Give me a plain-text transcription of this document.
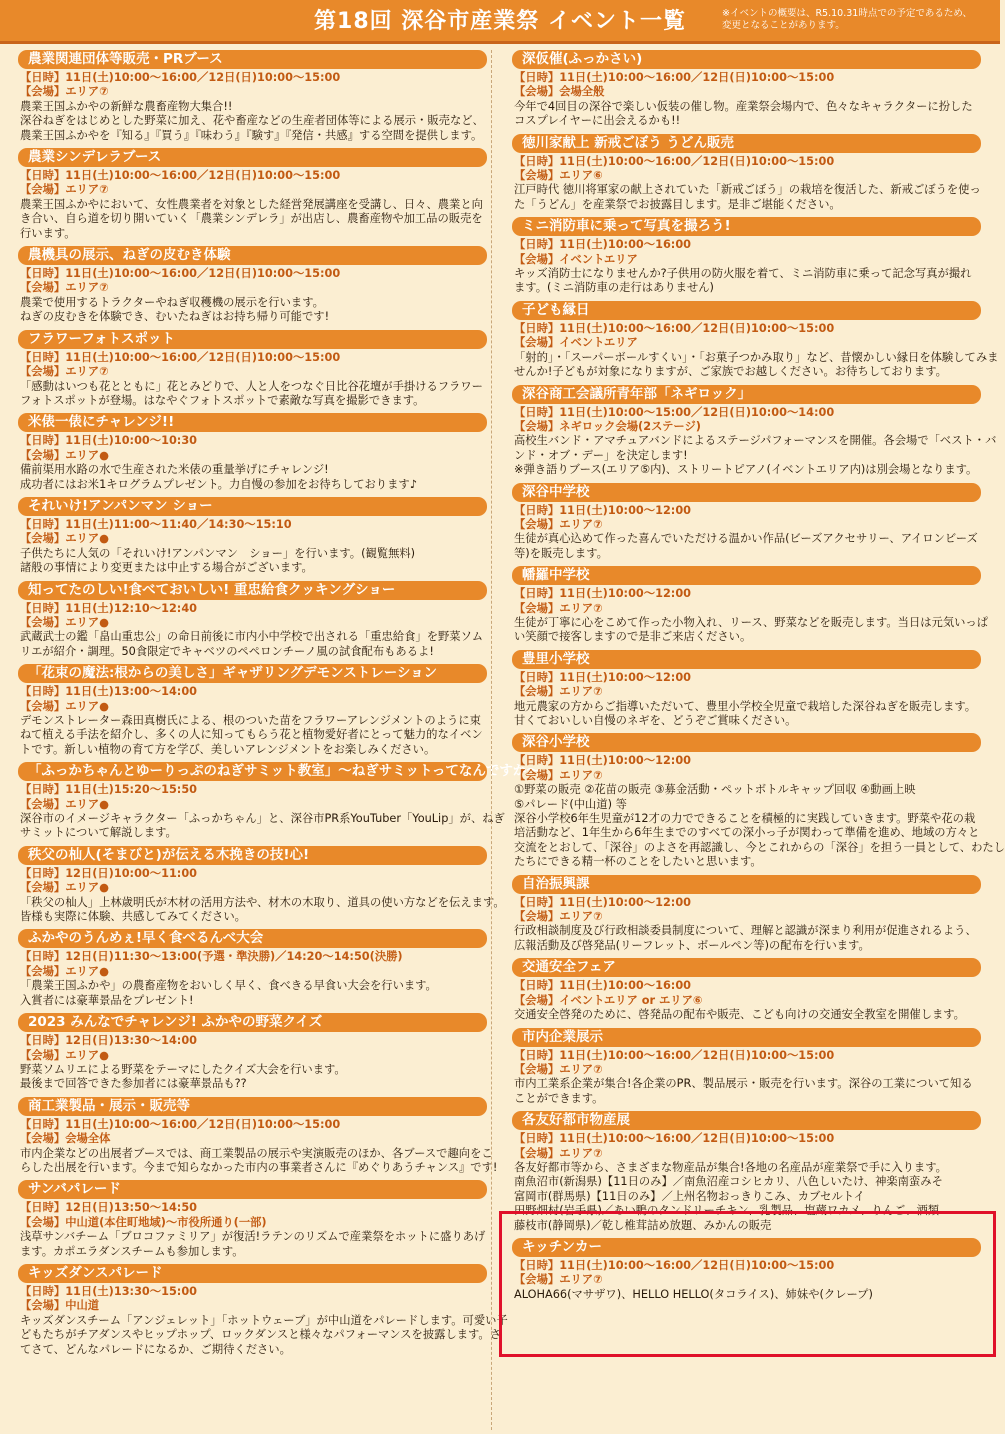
第18回 深谷市産業祭 イベント一覧	※イベントの概要は、R5.10.31時点での予定であるため、
変更となることがあります。
農業関連団体等販売・PRブース
【日時】11日(土)10:00〜16:00／12日(日)10:00〜15:00
【会場】エリア⑦
農業王国ふかやの新鮮な農畜産物大集合!!
深谷ねぎをはじめとした野菜に加え、花や畜産などの生産者団体等による展示・販売など、
農業王国ふかやを『知る』『買う』『味わう』『験す』『発信・共感』する空間を提供します。
農業シンデレラブース
【日時】11日(土)10:00〜16:00／12日(日)10:00〜15:00
【会場】エリア⑦
農業王国ふかやにおいて、女性農業者を対象とした経営発展講座を受講し、日々、農業と向
き合い、自ら道を切り開いていく「農業シンデレラ」が出店し、農畜産物や加工品の販売を
行います。
農機具の展示、ねぎの皮むき体験
【日時】11日(土)10:00〜16:00／12日(日)10:00〜15:00
【会場】エリア⑦
農業で使用するトラクターやねぎ収穫機の展示を行います。
ねぎの皮むきを体験でき、むいたねぎはお持ち帰り可能です!
フラワーフォトスポット
【日時】11日(土)10:00〜16:00／12日(日)10:00〜15:00
【会場】エリア⑦
「感動はいつも花とともに」花とみどりで、人と人をつなぐ日比谷花壇が手掛けるフラワー
フォトスポットが登場。はなやぐフォトスポットで素敵な写真を撮影できます。
米俵一俵にチャレンジ!!
【日時】11日(土)10:00〜10:30
【会場】エリア●
備前渠用水路の水で生産された米俵の重量挙げにチャレンジ!
成功者にはお米1キログラムプレゼント。力自慢の参加をお待ちしております♪
それいけ!アンパンマン ショー
【日時】11日(土)11:00〜11:40／14:30〜15:10
【会場】エリア●
子供たちに人気の「それいけ!アンパンマン　ショー」を行います。(観覧無料)
諸般の事情により変更または中止する場合がございます。
知ってたのしい!食べておいしい! 重忠給食クッキングショー
【日時】11日(土)12:10〜12:40
【会場】エリア●
武蔵武士の鑑「畠山重忠公」の命日前後に市内小中学校で出される「重忠給食」を野菜ソム
リエが紹介・調理。50食限定でキャベツのペペロンチーノ風の試食配布もあるよ!
「花束の魔法:根からの美しさ」ギャザリングデモンストレーション
【日時】11日(土)13:00〜14:00
【会場】エリア●
デモンストレーター森田真樹氏による、根のついた苗をフラワーアレンジメントのように束
ねて植える手法を紹介し、多くの人に知ってもらう花と植物愛好者にとって魅力的なイベン
トです。新しい植物の育て方を学び、美しいアレンジメントをお楽しみください。
「ふっかちゃんとゆーりっぷのねぎサミット教室」〜ねぎサミットってなんですか〜
【日時】11日(土)15:20〜15:50
【会場】エリア●
深谷市のイメージキャラクター「ふっかちゃん」と、深谷市PR系YouTuber「YouLip」が、ねぎ
サミットについて解説します。
秩父の杣人(そまびと)が伝える木挽きの技!心!
【日時】12日(日)10:00〜11:00
【会場】エリア●
「秩父の杣人」上林歳明氏が木材の活用方法や、材木の木取り、道具の使い方などを伝えます。
皆様も実際に体験、共感してみてください。
ふかやのうんめぇ!早く食べるんべ大会
【日時】12日(日)11:30〜13:00(予選・準決勝)／14:20〜14:50(決勝)
【会場】エリア●
「農業王国ふかや」の農畜産物をおいしく早く、食べきる早食い大会を行います。
入賞者には豪華景品をプレゼント!
2023 みんなでチャレンジ! ふかやの野菜クイズ
【日時】12日(日)13:30〜14:00
【会場】エリア●
野菜ソムリエによる野菜をテーマにしたクイズ大会を行います。
最後まで回答できた参加者には豪華景品も??
商工業製品・展示・販売等
【日時】11日(土)10:00〜16:00／12日(日)10:00〜15:00
【会場】会場全体
市内企業などの出展者ブースでは、商工業製品の展示や実演販売のほか、各ブースで趣向をこ
らした出展を行います。今まで知らなかった市内の事業者さんに『めぐりあうチャンス』です!
サンバパレード
【日時】12日(日)13:50〜14:50
【会場】中山道(本住町地域)〜市役所通り(一部)
浅草サンバチーム「ブロコファミリア」が復活!ラテンのリズムで産業祭をホットに盛りあげ
ます。カポエラダンスチームも参加します。
キッズダンスパレード
【日時】11日(土)13:30〜15:00
【会場】中山道
キッズダンスチーム「アンジェレット」「ホットウェーブ」が中山道をパレードします。可愛い子
どもたちがチアダンスやヒップホップ、ロックダンスと様々なパフォーマンスを披露します。さ
てさて、どんなパレードになるか、ご期待ください。
深仮催(ふっかさい)
【日時】11日(土)10:00〜16:00／12日(日)10:00〜15:00
【会場】会場全般
今年で4回目の深谷で楽しい仮装の催し物。産業祭会場内で、色々なキャラクターに扮した
コスプレイヤーに出会えるかも!!
徳川家献上 新戒ごぼう うどん販売
【日時】11日(土)10:00〜16:00／12日(日)10:00〜15:00
【会場】エリア⑥
江戸時代 徳川将軍家の献上されていた「新戒ごぼう」の栽培を復活した、新戒ごぼうを使っ
た「うどん」を産業祭でお披露目します。是非ご堪能ください。
ミニ消防車に乗って写真を撮ろう!
【日時】11日(土)10:00〜16:00
【会場】イベントエリア
キッズ消防士になりませんか?子供用の防火服を着て、ミニ消防車に乗って記念写真が撮れ
ます。(ミニ消防車の走行はありません)
子ども縁日
【日時】11日(土)10:00〜16:00／12日(日)10:00〜15:00
【会場】イベントエリア
「射的」・「スーパーボールすくい」・「お菓子つかみ取り」など、昔懐かしい縁日を体験してみま
せんか!子どもが対象になりますが、ご家族でお越しください。お待ちしております。
深谷商工会議所青年部「ネギロック」
【日時】11日(土)10:00〜15:00／12日(日)10:00〜14:00
【会場】ネギロック会場(2ステージ)
高校生バンド・アマチュアバンドによるステージパフォーマンスを開催。各会場で「ベスト・バ
ンド・オブ・デー」を決定します!
※弾き語りブース(エリア⑤内)、ストリートピアノ(イベントエリア内)は別会場となります。
深谷中学校
【日時】11日(土)10:00〜12:00
【会場】エリア⑦
生徒が真心込めて作った喜んでいただける温かい作品(ビーズアクセサリー、アイロンビーズ
等)を販売します。
幡羅中学校
【日時】11日(土)10:00〜12:00
【会場】エリア⑦
生徒が丁寧に心をこめて作った小物入れ、リース、野菜などを販売します。当日は元気いっぱ
い笑顔で接客しますので是非ご来店ください。
豊里小学校
【日時】11日(土)10:00〜12:00
【会場】エリア⑦
地元農家の方からご指導いただいて、豊里小学校全児童で栽培した深谷ねぎを販売します。
甘くておいしい自慢のネギを、どうぞご賞味ください。
深谷小学校
【日時】11日(土)10:00〜12:00
【会場】エリア⑦
①野菜の販売 ②花苗の販売 ③募金活動・ペットボトルキャップ回収 ④動画上映
⑤パレード(中山道) 等
深谷小学校6年生児童が12才の力でできることを積極的に実践していきます。野菜や花の栽
培活動など、1年生から6年生までのすべての深小っ子が関わって準備を進め、地域の方々と
交流をとおして、「深谷」のよさを再認識し、今とこれからの「深谷」を担う一員として、わたし
たちにできる精一杯のことをしたいと思います。
自治振興課
【日時】11日(土)10:00〜12:00
【会場】エリア⑦
行政相談制度及び行政相談委員制度について、理解と認識が深まり利用が促進されるよう、
広報活動及び啓発品(リーフレット、ボールペン等)の配布を行います。
交通安全フェア
【日時】11日(土)10:00〜16:00
【会場】イベントエリア or エリア⑥
交通安全啓発のために、啓発品の配布や販売、こども向けの交通安全教室を開催します。
市内企業展示
【日時】11日(土)10:00〜16:00／12日(日)10:00〜15:00
【会場】エリア⑦
市内工業系企業が集合!各企業のPR、製品展示・販売を行います。深谷の工業について知る
ことができます。
各友好都市物産展
【日時】11日(土)10:00〜16:00／12日(日)10:00〜15:00
【会場】エリア⑦
各友好都市等から、さまざまな物産品が集合!各地の名産品が産業祭で手に入ります。
南魚沼市(新潟県)【11日のみ】／南魚沼産コシヒカリ、八色しいたけ、神楽南蛮みそ
富岡市(群馬県)【11日のみ】／上州名物おっきりこみ、カブセルトイ
田野畑村(岩手県)／あい鴨のタンドリーチキン、乳製品、塩蔵ワカメ、りんご、酒類
藤枝市(静岡県)／乾し椎茸詰め放題、みかんの販売
キッチンカー
【日時】11日(土)10:00〜16:00／12日(日)10:00〜15:00
【会場】エリア⑦
ALOHA66(マサザワ)、HELLO HELLO(タコライス)、姉妹や(クレープ)
